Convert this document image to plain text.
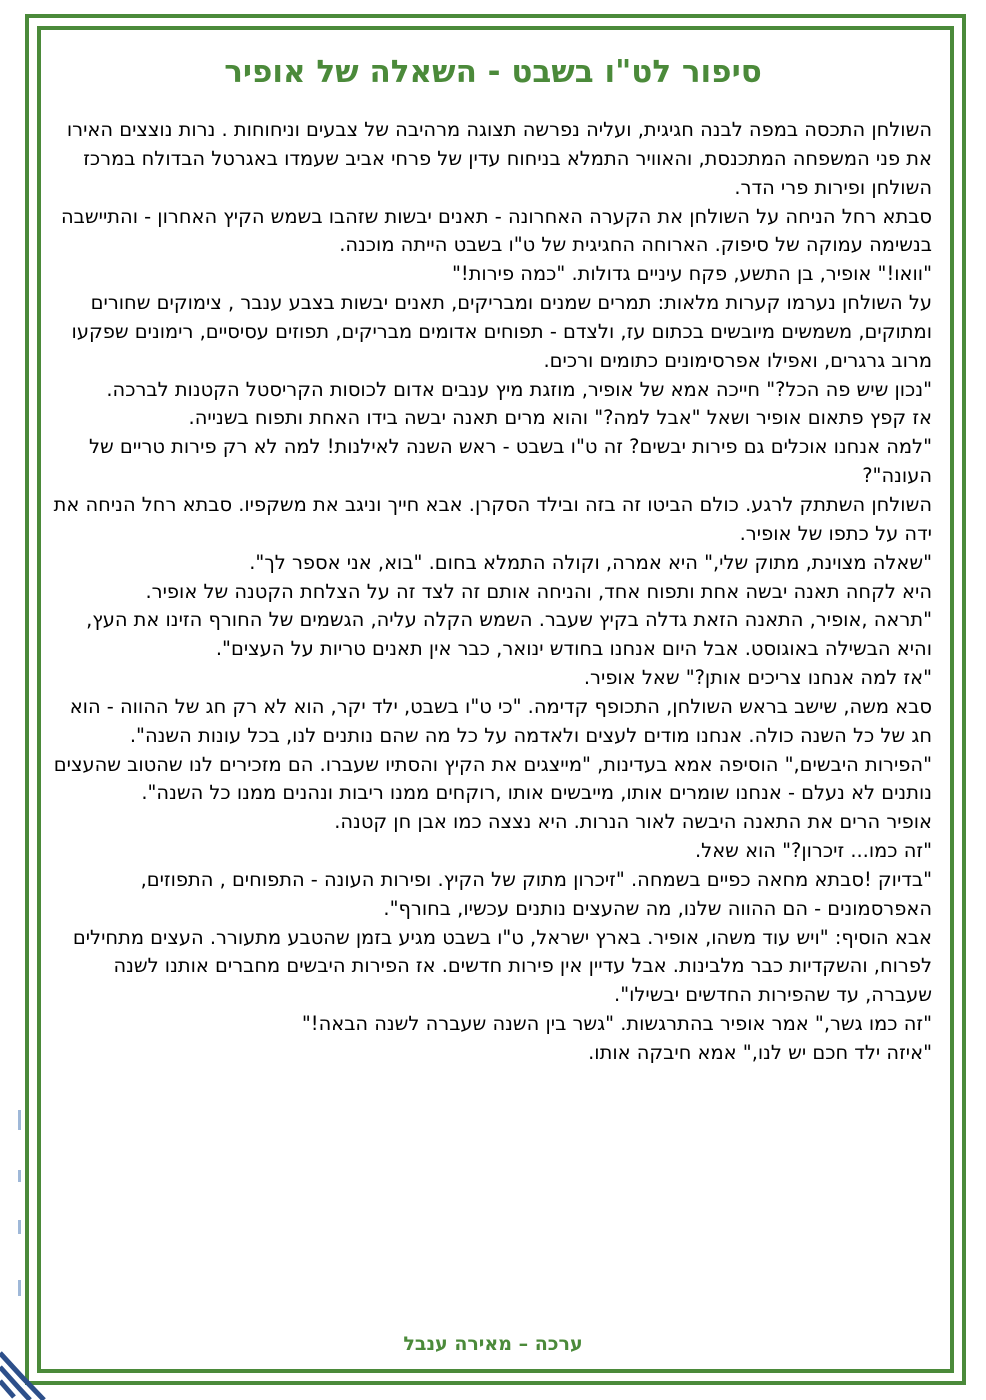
סיפור לט"ו בשבט - השאלה של אופיר

השולחן התכסה במפה לבנה חגיגית, ועליה נפרשה תצוגה מרהיבה של צבעים וניחוחות . נרות נוצצים האירו את פני המשפחה המתכנסת, והאוויר התמלא בניחוח עדין של פרחי אביב שעמדו באגרטל הבדולח במרכז השולחן ופירות פרי הדר.

סבתא רחל הניחה על השולחן את הקערה האחרונה - תאנים יבשות שזהבו בשמש הקיץ האחרון - והתיישבה בנשימה עמוקה של סיפוק. הארוחה החגיגית של ט"ו בשבט הייתה מוכנה.

"וואו!" אופיר, בן התשע, פקח עיניים גדולות. "כמה פירות!"

על השולחן נערמו קערות מלאות: תמרים שמנים ומבריקים, תאנים יבשות בצבע ענבר , צימוקים שחורים ומתוקים, משמשים מיובשים בכתום עז, ולצדם - תפוחים אדומים מבריקים, תפוזים עסיסיים, רימונים שפקעו מרוב גרגרים, ואפילו אפרסימונים כתומים ורכים.

"נכון שיש פה הכל?" חייכה אמא של אופיר, מוזגת מיץ ענבים אדום לכוסות הקריסטל הקטנות לברכה.

אז קפץ פתאום אופיר ושאל "אבל למה?" והוא מרים תאנה יבשה בידו האחת ותפוח בשנייה.

"למה אנחנו אוכלים גם פירות יבשים? זה ט"ו בשבט - ראש השנה לאילנות! למה לא רק פירות טריים של העונה"?

השולחן השתתק לרגע. כולם הביטו זה בזה ובילד הסקרן. אבא חייך וניגב את משקפיו. סבתא רחל הניחה את ידה על כתפו של אופיר.

"שאלה מצוינת, מתוק שלי," היא אמרה, וקולה התמלא בחום. "בוא, אני אספר לך".

היא לקחה תאנה יבשה אחת ותפוח אחד, והניחה אותם זה לצד זה על הצלחת הקטנה של אופיר.

"תראה ,אופיר, התאנה הזאת גדלה בקיץ שעבר. השמש הקלה עליה, הגשמים של החורף הזינו את העץ, והיא הבשילה באוגוסט. אבל היום אנחנו בחודש ינואר, כבר אין תאנים טריות על העצים".

"אז למה אנחנו צריכים אותן?" שאל אופיר.

סבא משה, שישב בראש השולחן, התכופף קדימה. "כי ט"ו בשבט, ילד יקר, הוא לא רק חג של ההווה - הוא חג של כל השנה כולה. אנחנו מודים לעצים ולאדמה על כל מה שהם נותנים לנו, בכל עונות השנה".

"הפירות היבשים," הוסיפה אמא בעדינות, "מייצגים את הקיץ והסתיו שעברו. הם מזכירים לנו שהטוב שהעצים נותנים לא נעלם - אנחנו שומרים אותו, מייבשים אותו ,רוקחים ממנו ריבות ונהנים ממנו כל השנה".

אופיר הרים את התאנה היבשה לאור הנרות. היא נצצה כמו אבן חן קטנה.

"זה כמו... זיכרון?" הוא שאל.

"בדיוק !סבתא מחאה כפיים בשמחה. "זיכרון מתוק של הקיץ. ופירות העונה - התפוחים , התפוזים, האפרסמונים - הם ההווה שלנו, מה שהעצים נותנים עכשיו, בחורף".

אבא הוסיף: "ויש עוד משהו, אופיר. בארץ ישראל, ט"ו בשבט מגיע בזמן שהטבע מתעורר. העצים מתחילים לפרוח, והשקדיות כבר מלבינות. אבל עדיין אין פירות חדשים. אז הפירות היבשים מחברים אותנו לשנה שעברה, עד שהפירות החדשים יבשילו".

"זה כמו גשר," אמר אופיר בהתרגשות. "גשר בין השנה שעברה לשנה הבאה!"

"איזה ילד חכם יש לנו," אמא חיבקה אותו.

ערכה – מאירה ענבל
